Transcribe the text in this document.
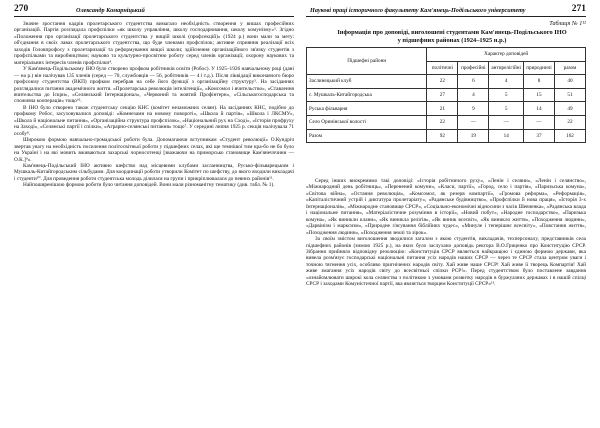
270	Олександр Комарніцький

Значне зростання кадрів пролетарського студентства вимагало необхідність створення у вишах професійних організацій. Партія розглядала профспілки «як школу управління, школу господарювання, школу комунізму»³. Згідно «Положення про організації пролетарського студентства у вищій школі (профсекцій)» (1924 р.) вони мали за мету: об'єднання в своїх лавах пролетарського студентства, що буде членами профспілок; активне сприяння реалізації всіх заходів Головпрофосу з пролетаризації та реформування вищої школи; здійснення організаційного зв'язку студентів з профспілками та виробництвом; науково та культурно-просвітню роботу серед членів організації; охорону наукових та матеріальних інтересів членів профспілки⁴.

У Кам'янець-Подільському ІНО було створено профком робітників освіти (Робос). У 1925–1926 навчальному році (дані — на р.) він налічував 135 членів (серед — 70, службовців — 56, робітників — 4 і т.д.). Після ліквідації виконавчого бюро профсоюзу студентства (ВКП) профком перебрав на себе його функції з організаційну структуру⁵. На засіданнях розглядалися питання академічного життя. «Пролетарська революція інтелігенції», «Комсомол і вчительство», «Ставлення вчительства до Іскри», «Селянський Інтернаціонал», «Червоний та жовтий Профінтерн», «Сільськогосподарська та споживча кооперація» тощо⁶².

В ІНО було створено також студентську секцію КНС (комітет незаможних селян). На засіданнях КНС, подібно до профкому Робос, засуховувалися доповіді: «Комнезами на новому повороті», «Школа й партія», «Школа і ЛКСМУ», «Школа й національне питання», «Організаційна структура профспілок», «Національний рух на Сході», «Історія профруху на Заході», «Селянські партії і спілки», «Аграрно-селянські питання» тощо⁷. У середині липня 1925 р. секція налічувала 71 особу⁸.

Широкою формою навчально-громадської роботи була. Допомагаючи вступникам «Студент революції» О.Кундріч звертав увагу на необхідність посилення політосвітньої роботи у підшефних селах, які ще темнішої тим кра-бо не бо було на Україні і на які мовить вживаються захарські чорносотенці [зважаючи на приморсько становище Кам'янечччини — О.К.]⁹».

Кам'янець-Подільський ІНО активно шефство над місцевими клубами засланництва, Русько-фільварецьким і Мушкаль-Китайгородським сільбудами. Для координації роботи утворили Комітет по шефству, до якого входили викладачі і студенти¹⁰. Для проведення роботи студентська молодь ділилася на групи і прикріплювалася до певних районів¹¹.

Найпоширенішою формою роботи було читання доповідей. Вони мали різноманітну тематику (див. табл. № 1).

Наукові праці історичного факультету Кам'янець-Подільського університету	271
Таблиця № 1¹²
Інформація про доповіді, виголошені студентами Кам'янець-Подільського ІНО у підшефних районах (1924–1925 н.р.)
Підшефні райони	Характер доповідей				
	політичні	професійні	антирелігійні	природничі	разом
Заслинецький клуб	22	6	4	8	40
с. Мушкаль-Китайгородська	27	4	5	15	51
Руська фільварня	21	9	5	14	49
Село Оринінської волості	22	—	—	—	22
Разом	92	19	14	37	162

Серед інших виокремимо такі доповіді: «Історія робітничого руху», «Ленін і селяни», «Ленін і селянство», «Міжнародний день робітниць», «Перенений комуни», «Класи, партії», «Город, село і партія», «Паризьська комуна», «Світова війна», «Остання революція», «Комсомол, як резерв компартії», «Громова реформа», «Реформація», «Капіталістичний устрій і диктатура пролетаріату», «Радянське будівництво», «Профспілки й нова праця», «Історія 3-х Інтернаціоналів», «Міжнародне становище СРСР», «Соціально-економічні відносини з часів Шевченка», «Радянська влада і національне питання», «Матеріалістичне розуміння в історії», «Новий побут», «Народне господарство», «Паризька комуна», «Як виникли клани», «Як виникла релігія», «Як виник всесвіт», «Як виникло життя», «Походження людини», «Дарвінізм і марксизм», «Природне з'ясування біблійних чудес», «Минуле і теперішнє всесвіту», «Повстання життя», «Походження людини», «Походження землі та зірок».

За своїм змістом виголошення зводилися загалом з якою студентів, викладачів, техперсоналу, представників села підшефних районів (зимою 1925 р.), на яких було заслухано доповідь ректора В.О.Гриценко про Конституцію СРСР. Зібрання прийняло відповідну резолюцію: «Конституція СРСР являється найкращою і єдиною формою держави, яка вивела розм'язує господарські національні питання усіх народів наших СРСР — через те СРСР стала центром уваги і точною тягнення усіх, особливо пригнічених народів світу. Хай живе наше СРСР! Хай живе її творець Компартія! Хай живе змагання усіх народів світу до всесвітньої спілки РСР!». Перед студентством було поставлене завдання «ознайомлювати широкі кола селянства з політикою з умовами розвитку народів в буржуазних державах і в нашій спілці СРСР і заходами Комуністичної партії, яка являється творцем Конституції СРСР»¹³.
